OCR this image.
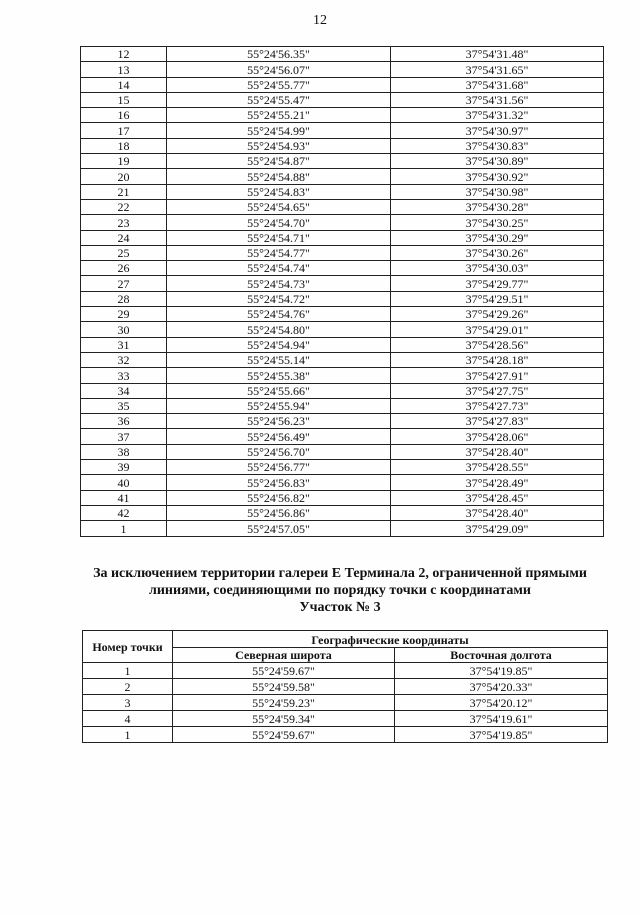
12
12	55°24'56.35"	37°54'31.48"
13	55°24'56.07"	37°54'31.65"
14	55°24'55.77"	37°54'31.68"
15	55°24'55.47"	37°54'31.56"
16	55°24'55.21"	37°54'31.32"
17	55°24'54.99"	37°54'30.97"
18	55°24'54.93"	37°54'30.83"
19	55°24'54.87"	37°54'30.89"
20	55°24'54.88"	37°54'30.92"
21	55°24'54.83"	37°54'30.98"
22	55°24'54.65"	37°54'30.28"
23	55°24'54.70"	37°54'30.25"
24	55°24'54.71"	37°54'30.29"
25	55°24'54.77"	37°54'30.26"
26	55°24'54.74"	37°54'30.03"
27	55°24'54.73"	37°54'29.77"
28	55°24'54.72"	37°54'29.51"
29	55°24'54.76"	37°54'29.26"
30	55°24'54.80"	37°54'29.01"
31	55°24'54.94"	37°54'28.56"
32	55°24'55.14"	37°54'28.18"
33	55°24'55.38"	37°54'27.91"
34	55°24'55.66"	37°54'27.75"
35	55°24'55.94"	37°54'27.73"
36	55°24'56.23"	37°54'27.83"
37	55°24'56.49"	37°54'28.06"
38	55°24'56.70"	37°54'28.40"
39	55°24'56.77"	37°54'28.55"
40	55°24'56.83"	37°54'28.49"
41	55°24'56.82"	37°54'28.45"
42	55°24'56.86"	37°54'28.40"
1	55°24'57.05"	37°54'29.09"
За исключением территории галереи Е Терминала 2, ограниченной прямыми
линиями, соединяющими по порядку точки с координатами
Участок № 3
Номер точки	Географические координаты	
	Северная широта	Восточная долгота
1	55°24'59.67"	37°54'19.85"
2	55°24'59.58"	37°54'20.33"
3	55°24'59.23"	37°54'20.12"
4	55°24'59.34"	37°54'19.61"
1	55°24'59.67"	37°54'19.85"
